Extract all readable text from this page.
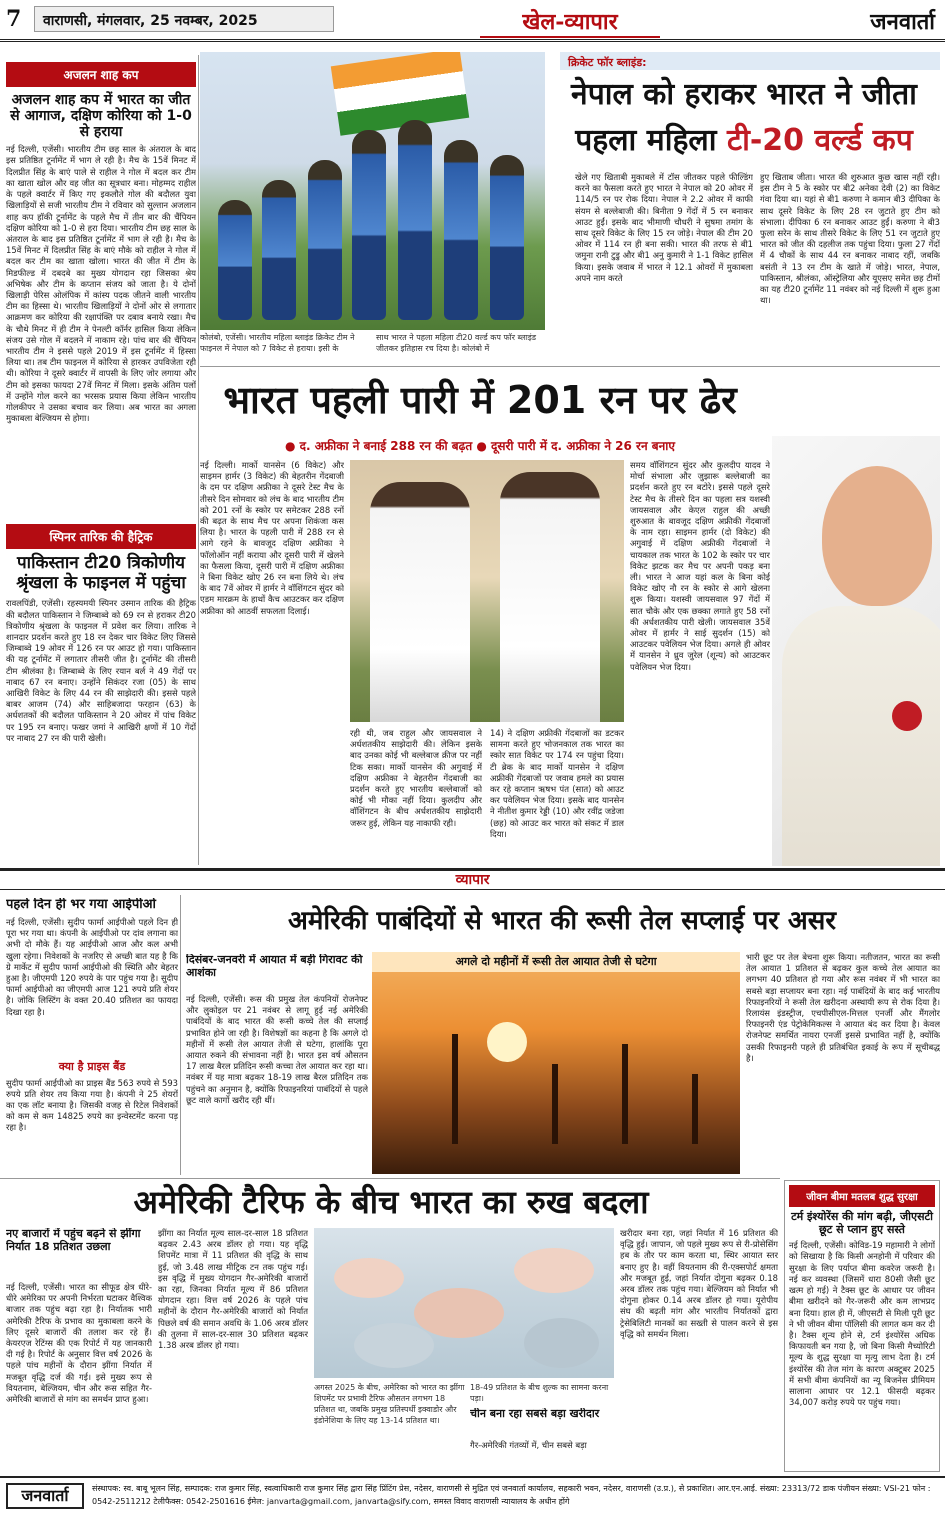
7	वाराणसी, मंगलवार, 25 नवम्बर, 2025	खेल-व्यापार	जनवार्ता
अजलन शाह कप
अजलन शाह कप में भारत का जीत से आगाज, दक्षिण कोरिया को 1-0 से हराया
नई दिल्ली, एजेंसी। भारतीय टीम छह साल के अंतराल के बाद इस प्रतिष्ठित टूर्नामेंट में भाग ले रही है। मैच के 15वें मिनट में दिलप्रीत सिंह के बाएं पाले से राहील ने गोल में बदल कर टीम का खाता खोल और वह जीत का सूत्रधार बना। मोहम्मद राहील के पहले क्वार्टर में किए गए इकलौते गोल की बदौलत युवा खिलाड़ियों से सजी भारतीय टीम ने रविवार को सुल्तान अजलान शाह कप हॉकी टूर्नामेंट के पहले मैच में तीन बार की चैंपियन दक्षिण कोरिया को 1-0 से हरा दिया। भारतीय टीम छह साल के अंतराल के बाद इस प्रतिष्ठित टूर्नामेंट में भाग ले रही है। मैच के 15वें मिनट में दिलप्रीत सिंह के बाएं मौके को राहील ने गोल में बदल कर टीम का खाता खोला। भारत की जीत में टीम के मिडफील्ड में दबदबे का मुख्य योगदान रहा जिसका श्रेय अभिषेक और टीम के कप्तान संजय को जाता है। ये दोनों खिलाड़ी पेरिस ओलंपिक में कांस्य पदक जीतने वाली भारतीय टीम का हिस्सा थे। भारतीय खिलाड़ियों ने दोनों ओर से लगातार आक्रमण कर कोरिया की रक्षापंक्ति पर दबाव बनाये रखा। मैच के चौथे मिनट में ही टीम ने पेनल्टी कॉर्नर हासिल किया लेकिन संजय उसे गोल में बदलने में नाकाम रहे। पांच बार की चैंपियन भारतीय टीम ने इससे पहले 2019 में इस टूर्नामेंट में हिस्सा लिया था। तब टीम फाइनल में कोरिया से हारकर उपविजेता रही थी। कोरिया ने दूसरे क्वार्टर में वापसी के लिए जोर लगाया और टीम को इसका फायदा 27वें मिनट में मिला। इसके अंतिम पलों में उन्होंने गोल करने का भरसक प्रयास किया लेकिन भारतीय गोलकीपर ने उसका बचाव कर लिया। अब भारत का अगला मुकाबला बेल्जियम से होगा।
स्पिनर तारिक की हैट्रिक
पाकिस्तान टी20 त्रिकोणीय श्रृंखला के फाइनल में पहुंचा
रावलपिंडी, एजेंसी। रहस्यमयी स्पिनर उस्मान तारिक की हैट्रिक की बदौलत पाकिस्तान ने जिम्बाब्वे को 69 रन से हराकर टी20 त्रिकोणीय श्रृंखला के फाइनल में प्रवेश कर लिया। तारिक ने शानदार प्रदर्शन करते हुए 18 रन देकर चार विकेट लिए जिससे जिम्बाब्वे 19 ओवर में 126 रन पर आउट हो गया। पाकिस्तान की यह टूर्नामेंट में लगातार तीसरी जीत है। टूर्नामेंट की तीसरी टीम श्रीलंका है। जिम्बाब्वे के लिए रयान बर्ल ने 49 गेंदों पर नाबाद 67 रन बनाए। उन्होंने सिकंदर रजा (05) के साथ आखिरी विकेट के लिए 44 रन की साझेदारी की। इससे पहले बाबर आजम (74) और साहिबजादा फरहान (63) के अर्धशतकों की बदौलत पाकिस्तान ने 20 ओवर में पांच विकेट पर 195 रन बनाए। फखर जमां ने आखिरी क्षणों में 10 गेंदों पर नाबाद 27 रन की पारी खेली।
क्रिकेट फॉर ब्लाइंड:
नेपाल को हराकर भारत ने जीता पहला महिला टी-20 वर्ल्ड कप
कोलंबो, एजेंसी। भारतीय महिला ब्लाइंड क्रिकेट टीम ने फाइनल में नेपाल को 7 विकेट से हराया। इसी के
साथ भारत ने पहला महिला टी20 वर्ल्ड कप फॉर ब्लाइंड जीतकर इतिहास रच दिया है। कोलंबो में
खेले गए खिताबी मुकाबले में टॉस जीतकर पहले फील्डिंग करने का फैसला करते हुए भारत ने नेपाल को 20 ओवर में 114/5 रन पर रोक दिया। नेपाल ने 2.2 ओवर में काफी संयम से बल्लेबाजी की। बिनीता 9 गेंदों में 5 रन बनाकर आउट हुईं। इसके बाद भीमाणी चौधरी ने सुषमा तमांग के साथ दूसरे विकेट के लिए 15 रन जोड़े। नेपाल की टीम 20 ओवर में 114 रन ही बना सकी। भारत की तरफ से बी1 जमुना रानी टुडु और बी1 अनु कुमारी ने 1-1 विकेट हासिल किया। इसके जवाब में भारत ने 12.1 ओवरों में मुकाबला अपने नाम करते
हुए खिताब जीता। भारत की शुरुआत कुछ खास नहीं रही। इस टीम ने 5 के स्कोर पर बी2 अनेका देवी (2) का विकेट गंवा दिया था। यहां से बी1 करुणा ने कमान बी3 दीपिका के साथ दूसरे विकेट के लिए 28 रन जुटाते हुए टीम को संभाला। दीपिका 6 रन बनाकर आउट हुईं। करुणा ने बी3 फुला सरेन के साथ तीसरे विकेट के लिए 51 रन जुटाते हुए भारत को जीत की दहलीज तक पहुंचा दिया। फुला 27 गेंदों में 4 चौकों के साथ 44 रन बनाकर नाबाद रहीं, जबकि बसंती ने 13 रन टीम के खाते में जोड़े। भारत, नेपाल, पाकिस्तान, श्रीलंका, ऑस्ट्रेलिया और यूएसए समेत छह टीमों का यह टी20 टूर्नामेंट 11 नवंबर को नई दिल्ली में शुरू हुआ था।
भारत पहली पारी में 201 रन पर ढेर
● द. अफ्रीका ने बनाई 288 रन की बढ़त ● दूसरी पारी में द. अफ्रीका ने 26 रन बनाए
नई दिल्ली। मार्को यानसेन (6 विकेट) और साइमन हार्मर (3 विकेट) की बेहतरीन गेंदबाजी के दम पर दक्षिण अफ्रीका ने दूसरे टेस्ट मैच के तीसरे दिन सोमवार को लंच के बाद भारतीय टीम को 201 रनों के स्कोर पर समेटकर 288 रनों की बढ़त के साथ मैच पर अपना शिकंजा कस लिया है। भारत के पहली पारी में 288 रन से आगे रहने के बावजूद दक्षिण अफ्रीका ने फॉलोऑन नहीं कराया और दूसरी पारी में खेलने का फैसला किया, दूसरी पारी में दक्षिण अफ्रीका ने बिना विकेट खोए 26 रन बना लिये थे। लंच के बाद 7वें ओवर में हार्मर ने वॉशिंगटन सुंदर को एडम मारक्रम के हाथों कैच आउटकर कर दक्षिण अफ्रीका को आठवीं सफलता दिलाई।
रही थी, जब राहुल और जायसवाल ने अर्धशतकीय साझेदारी की। लेकिन इसके बाद उनका कोई भी बल्लेबाज क्रीज पर नहीं टिक सका। मार्को यानसेन की अगुवाई में दक्षिण अफ्रीका ने बेहतरीन गेंदबाजी का प्रदर्शन करते हुए भारतीय बल्लेबाजों को कोई भी मौका नहीं दिया। कुलदीप और वॉशिंगटन के बीच अर्धशतकीय साझेदारी जरूर हुई, लेकिन यह नाकाफी रही।
14) ने दक्षिण अफ्रीकी गेंदबाजों का डटकर सामना करते हुए भोजनकाल तक भारत का स्कोर सात विकेट पर 174 रन पहुंचा दिया। टी ब्रेक के बाद मार्को यानसेन ने दक्षिण अफ्रीकी गेंदबाजों पर जवाब हमले का प्रयास कर रहे कप्तान ऋषभ पंत (सात) को आउट कर पवेलियन भेज दिया। इसके बाद यानसेन ने नीतीश कुमार रेड्डी (10) और रवींद्र जडेजा (छह) को आउट कर भारत को संकट में डाल दिया।
समय वॉशिंगटन सुंदर और कुलदीप यादव ने मोर्चा संभाला और जुझारू बल्लेबाजी का प्रदर्शन करते हुए रन बटोरे। इससे पहले दूसरे टेस्ट मैच के तीसरे दिन का पहला सत्र यशस्वी जायसवाल और केएल राहुल की अच्छी शुरुआत के बावजूद दक्षिण अफ्रीकी गेंदबाजों के नाम रहा। साइमन हार्मर (दो विकेट) की अगुवाई में दक्षिण अफ्रीकी गेंदबाजों ने चायकाल तक भारत के 102 के स्कोर पर चार विकेट झटक कर मैच पर अपनी पकड़ बना ली। भारत ने आज यहां कल के बिना कोई विकेट खोए नौ रन के स्कोर से आगे खेलना शुरू किया। यशस्वी जायसवाल 97 गेंदों में सात चौके और एक छक्का लगाते हुए 58 रनों की अर्धशतकीय पारी खेली। जायसवाल 35वें ओवर में हार्मर ने साई सुदर्शन (15) को आउटकर पवेलियन भेज दिया। अगले ही ओवर में यानसेन ने ध्रुव जुरेल (शून्य) को आउटकर पवेलियन भेज दिया।
व्यापार
पहले दिन ही भर गया आईपीओ
नई दिल्ली, एजेंसी। सुदीप फार्मा आईपीओ पहले दिन ही पूरा भर गया था। कंपनी के आईपीओ पर दांव लगाना का अभी दो मौके हैं। यह आईपीओ आज और कल अभी खुला रहेगा। निवेशकों के नजरिए से अच्छी बात यह है कि ग्रे मार्केट में सुदीप फार्मा आईपीओ की स्थिति और बेहतर हुआ है। जीएमपी 120 रुपये के पार पहुंच गया है। सुदीप फार्मा आईपीओ का जीएमपी आज 121 रुपये प्रति शेयर है। जोकि लिस्टिंग के वक्त 20.40 प्रतिशत का फायदा दिखा रहा है।
क्या है प्राइस बैंड
सुदीप फार्मा आईपीओ का प्राइस बैंड 563 रुपये से 593 रुपये प्रति शेयर तय किया गया है। कंपनी ने 25 शेयरों का एक लॉट बनाया है। जिसकी वजह से रिटेल निवेशकों को कम से कम 14825 रुपये का इन्वेस्टमेंट करना पड़ रहा है।
अमेरिकी पाबंदियों से भारत की रूसी तेल सप्लाई पर असर
दिसंबर-जनवरी में आयात में बड़ी गिरावट की आशंका
नई दिल्ली, एजेंसी। रूस की प्रमुख तेल कंपनियों रोजनेफ्ट और लुकोइल पर 21 नवंबर से लागू हुई नई अमेरिकी पाबंदियों के बाद भारत की रूसी कच्चे तेल की सप्लाई प्रभावित होने जा रही है। विशेषज्ञों का कहना है कि अगले दो महीनों में रूसी तेल आयात तेजी से घटेगा, हालांकि पूरा आयात रुकने की संभावना नहीं है। भारत इस वर्ष औसतन 17 लाख बैरल प्रतिदिन रूसी कच्चा तेल आयात कर रहा था। नवंबर में यह मात्रा बढ़कर 18-19 लाख बैरल प्रतिदिन तक पहुंचने का अनुमान है, क्योंकि रिफाइनरियां पाबंदियों से पहले छूट वाले कार्गो खरीद रही थीं।
अगले दो महीनों में रूसी तेल आयात तेजी से घटेगा	भारी छूट पर तेल बेचना शुरू किया। नतीजतन, भारत का रूसी तेल आयात 1 प्रतिशत से बढ़कर कुल कच्चे तेल आयात का लगभग 40 प्रतिशत हो गया और रूस नवंबर में भी भारत का सबसे बड़ा सप्लायर बना रहा। नई पाबंदियों के बाद कई भारतीय रिफाइनरियों ने रूसी तेल खरीदना अस्थायी रूप से रोक दिया है। रिलायंस इंडस्ट्रीज, एचपीसीएल-मित्तल एनर्जी और मैंगलोर रिफाइनरी एंड पेट्रोकेमिकल्स ने आयात बंद कर दिया है। केवल रोजनेफ्ट समर्थित नायरा एनर्जी इससे प्रभावित नहीं है, क्योंकि उसकी रिफाइनरी पहले ही प्रतिबंधित इकाई के रूप में सूचीबद्ध है।
अमेरिकी टैरिफ के बीच भारत का रुख बदला
नए बाजारों में पहुंच बढ़ने से झींगा निर्यात 18 प्रतिशत उछला
नई दिल्ली, एजेंसी। भारत का सीफूड क्षेत्र धीरे-धीरे अमेरिका पर अपनी निर्भरता घटाकर वैश्विक बाजार तक पहुंच बढ़ा रहा है। निर्यातक भारी अमेरिकी टैरिफ के प्रभाव का मुकाबला करने के लिए दूसरे बाजारों की तलाश कर रहे हैं। केयरएज रेटिंग्स की एक रिपोर्ट में यह जानकारी दी गई है। रिपोर्ट के अनुसार वित्त वर्ष 2026 के पहले पांच महीनों के दौरान झींगा निर्यात में मजबूत वृद्धि दर्ज की गई। इसे मुख्य रूप से वियतनाम, बेल्जियम, चीन और रूस सहित गैर-अमेरिकी बाजारों से मांग का समर्थन प्राप्त हुआ।
झींगा का निर्यात मूल्य साल-दर-साल 18 प्रतिशत बढ़कर 2.43 अरब डॉलर हो गया। यह वृद्धि शिपमेंट मात्रा में 11 प्रतिशत की वृद्धि के साथ हुई, जो 3.48 लाख मीट्रिक टन तक पहुंच गई। इस वृद्धि में मुख्य योगदान गैर-अमेरिकी बाजारों का रहा, जिनका निर्यात मूल्य में 86 प्रतिशत योगदान रहा। वित्त वर्ष 2026 के पहले पांच महीनों के दौरान गैर-अमेरिकी बाजारों को निर्यात पिछले वर्ष की समान अवधि के 1.06 अरब डॉलर की तुलना में साल-दर-साल 30 प्रतिशत बढ़कर 1.38 अरब डॉलर हो गया।
अगस्त 2025 के बीच, अमेरिका को भारत का झींगा शिपमेंट पर प्रभावी टैरिफ औसतन लगभग 18 प्रतिशत था, जबकि प्रमुख प्रतिस्पर्धी इक्वाडोर और इंडोनेशिया के लिए यह 13-14 प्रतिशत था।
18-49 प्रतिशत के बीच शुल्क का सामना करना पड़ा।
चीन बना रहा सबसे बड़ा खरीदार
गैर-अमेरिकी गंतव्यों में, चीन सबसे बड़ा
खरीदार बना रहा, जहां निर्यात में 16 प्रतिशत की वृद्धि हुई। जापान, जो पहले मुख्य रूप से री-प्रोसेसिंग हब के तौर पर काम करता था, स्थिर आयात स्तर बनाए हुए है। वहीं वियतनाम की री-एक्सपोर्ट क्षमता और मजबूत हुई, जहां निर्यात दोगुना बढ़कर 0.18 अरब डॉलर तक पहुंच गया। बेल्जियम को निर्यात भी दोगुना होकर 0.14 अरब डॉलर हो गया। यूरोपीय संघ की बढ़ती मांग और भारतीय निर्यातकों द्वारा ट्रेसेबिलिटी मानकों का सख्ती से पालन करने से इस वृद्धि को समर्थन मिला।
जीवन बीमा मतलब शुद्ध सुरक्षा
टर्म इंश्योरेंस की मांग बढ़ी, जीएसटी छूट से प्लान हुए सस्ते
नई दिल्ली, एजेंसी। कोविड-19 महामारी ने लोगों को सिखाया है कि किसी अनहोनी में परिवार की सुरक्षा के लिए पर्याप्त बीमा कवरेज जरूरी है। नई कर व्यवस्था (जिसमें धारा 80सी जैसी छूट खत्म हो गई) ने टैक्स छूट के आधार पर जीवन बीमा खरीदने को गैर-जरूरी और कम लाभप्रद बना दिया। हाल ही में, जीएसटी से मिली पूरी छूट ने भी जीवन बीमा पॉलिसी की लागत कम कर दी है। टैक्स शून्य होने से, टर्म इंश्योरेंस अधिक किफायती बन गया है, जो बिना किसी मैच्योरिटी मूल्य के शुद्ध सुरक्षा या मृत्यु लाभ देता है। टर्म इंश्योरेंस की तेज मांग के कारण अक्टूबर 2025 में सभी बीमा कंपनियों का न्यू बिजनेस प्रीमियम सालाना आधार पर 12.1 फीसदी बढ़कर 34,007 करोड़ रुपये पर पहुंच गया।
जनवार्ता	संस्थापक: स्व. बाबू भूलन सिंह, सम्पादक: राज कुमार सिंह, स्वत्वाधिकारी राज कुमार सिंह द्वारा सिंह प्रिंटिंग प्रेस, नदेसर, वाराणसी से मुद्रित एवं जनवार्ता कार्यालय, सहकारी भवन, नदेसर, वाराणसी (उ.प्र.), से प्रकाशित। आर.एन.आई. संख्या: 23313/72 डाक पंजीयन संख्या: VSI-21 फोन : 0542-2511212 टेलीफैक्स: 0542-2501616 ईमेल: janvarta@gmail.com, janvarta@sify.com, समस्त विवाद वाराणसी न्यायालय के अधीन होंगे
